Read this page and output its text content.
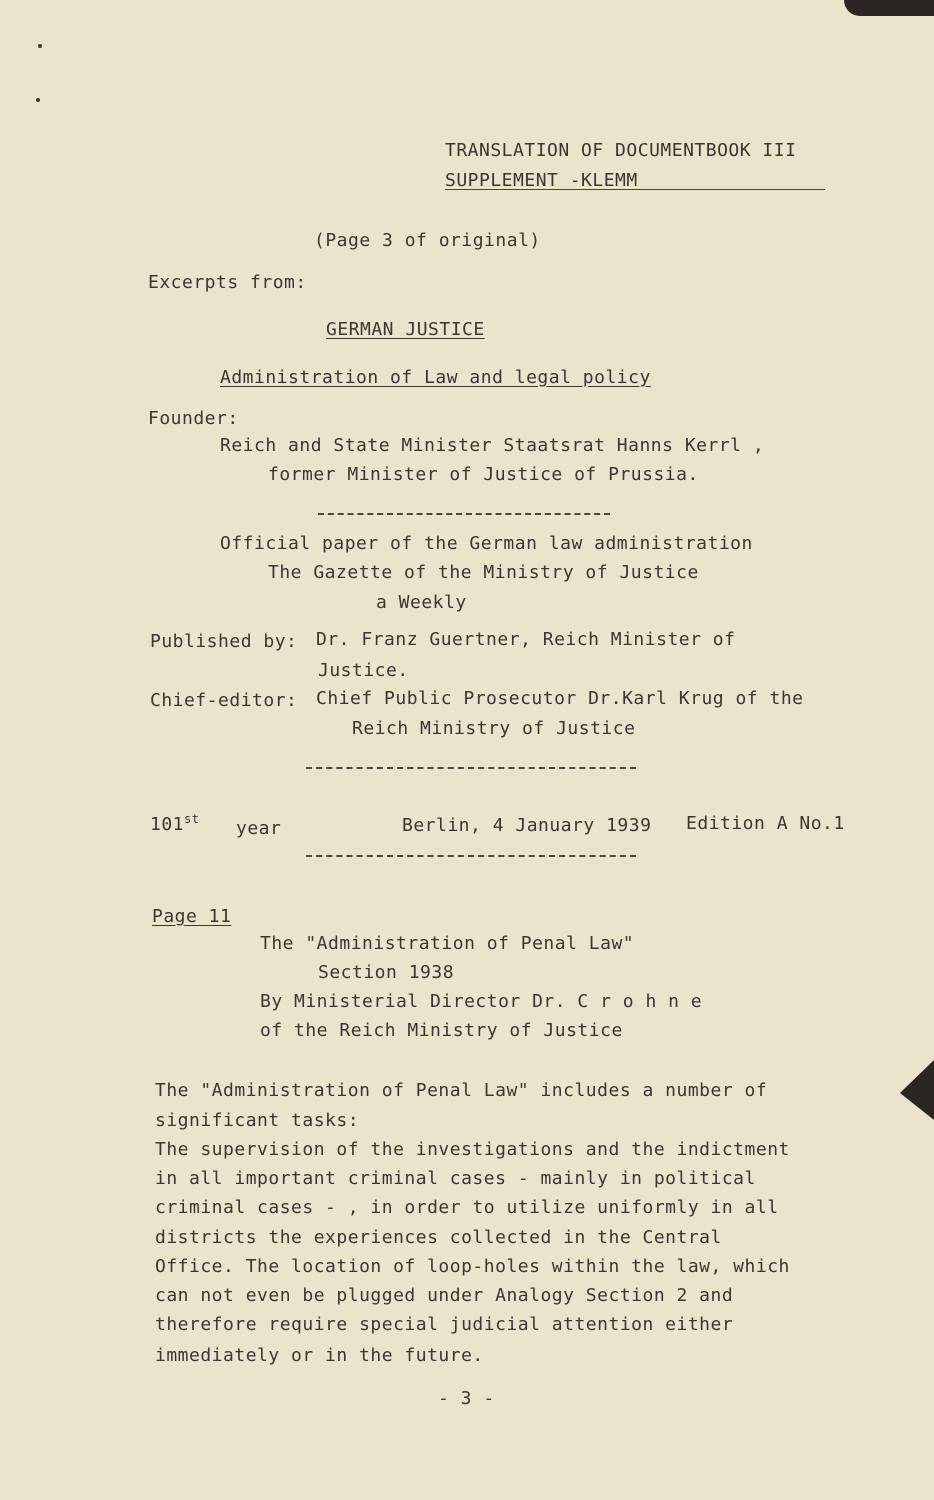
TRANSLATION OF DOCUMENTBOOK III
SUPPLEMENT -KLEMM
(Page 3 of original)
Excerpts from:
GERMAN JUSTICE
Administration of Law and legal policy
Founder:
Reich and State Minister Staatsrat Hanns Kerrl ,
former Minister of Justice of Prussia.
Official paper of the German law administration
The Gazette of the Ministry of Justice
a Weekly
Published by: Dr. Franz Guertner, Reich Minister of
Justice.
Chief-editor: Chief Public Prosecutor Dr.Karl Krug of the
Reich Ministry of Justice
101st year	Berlin, 4 January 1939 Edition A No.1
Page 11
The "Administration of Penal Law"
Section 1938
By Ministerial Director Dr. C r o h n e
of the Reich Ministry of Justice
The "Administration of Penal Law" includes a number of
significant tasks:
The supervision of the investigations and the indictment
in all important criminal cases - mainly in political
criminal cases - , in order to utilize uniformly in all
districts the experiences collected in the Central
Office. The location of loop-holes within the law, which
can not even be plugged under Analogy Section 2 and
therefore require special judicial attention either
immediately or in the future.
- 3 -
